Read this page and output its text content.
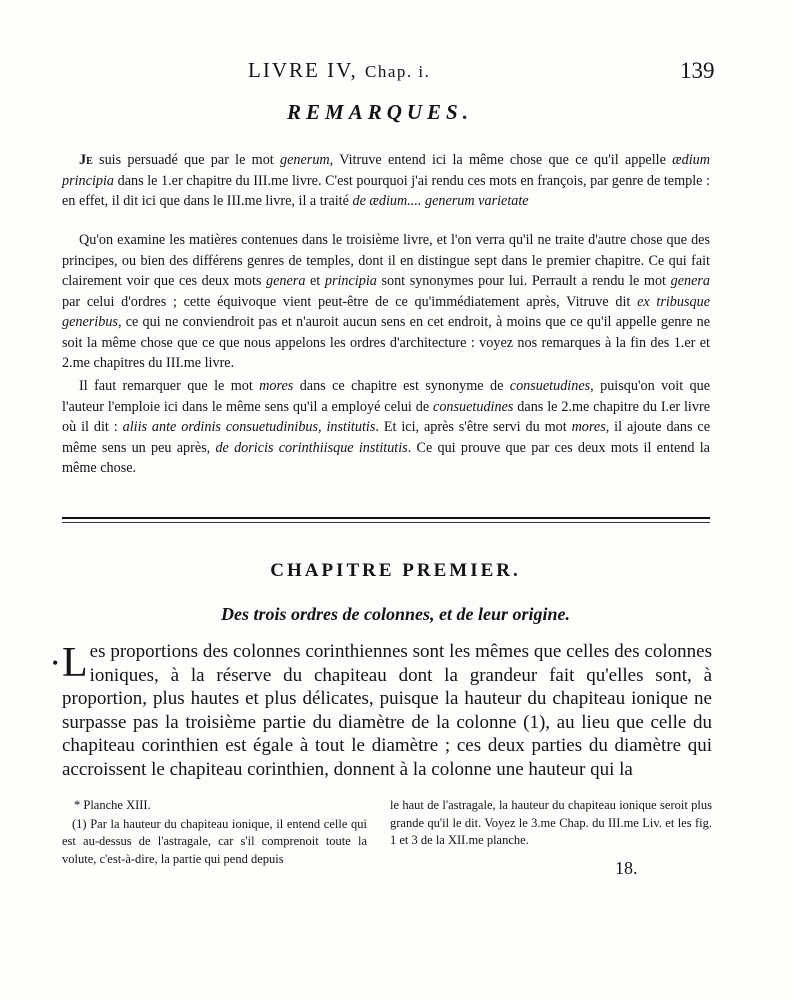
LIVRE IV, Chap. i.	139
REMARQUES.

Je suis persuadé que par le mot generum, Vitruve entend ici la même chose que ce qu'il appelle ædium principia dans le 1.er chapitre du III.me livre. C'est pourquoi j'ai rendu ces mots en françois, par genre de temple : en effet, il dit ici que dans le III.me livre, il a traité de ædium.... generum varietate

Qu'on examine les matières contenues dans le troisième livre, et l'on verra qu'il ne traite d'autre chose que des principes, ou bien des différens genres de temples, dont il en distingue sept dans le premier chapitre. Ce qui fait clairement voir que ces deux mots genera et principia sont synonymes pour lui. Perrault a rendu le mot genera par celui d'ordres ; cette équivoque vient peut-être de ce qu'immédiatement après, Vitruve dit ex tribusque generibus, ce qui ne conviendroit pas et n'auroit aucun sens en cet endroit, à moins que ce qu'il appelle genre ne soit la même chose que ce que nous appelons les ordres d'architecture : voyez nos remarques à la fin des 1.er et 2.me chapitres du III.me livre.

Il faut remarquer que le mot mores dans ce chapitre est synonyme de consuetudines, puisqu'on voit que l'auteur l'emploie ici dans le même sens qu'il a employé celui de consuetudines dans le 2.me chapitre du I.er livre où il dit : aliis ante ordinis consuetudinibus, institutis. Et ici, après s'être servi du mot mores, il ajoute dans ce même sens un peu après, de doricis corinthiisque institutis. Ce qui prouve que par ces deux mots il entend la même chose.

CHAPITRE PREMIER.
Des trois ordres de colonnes, et de leur origine.
• L es proportions des colonnes corinthiennes sont les mêmes que celles des colonnes ioniques, à la réserve du chapiteau dont la grandeur fait qu'elles sont, à proportion, plus hautes et plus délicates, puisque la hauteur du chapiteau ionique ne surpasse pas la troisième partie du diamètre de la colonne (1), au lieu que celle du chapiteau corinthien est égale à tout le diamètre ; ces deux parties du diamètre qui accroissent le chapiteau corinthien, donnent à la colonne une hauteur qui la
* Planche XIII.
(1) Par la hauteur du chapiteau ionique, il entend celle qui est au-dessus de l'astragale, car s'il comprenoit toute la volute, c'est-à-dire, la partie qui pend depuis
le haut de l'astragale, la hauteur du chapiteau ionique seroit plus grande qu'il le dit. Voyez le 3.me Chap. du III.me Liv. et les fig. 1 et 3 de la XII.me planche.
18.
